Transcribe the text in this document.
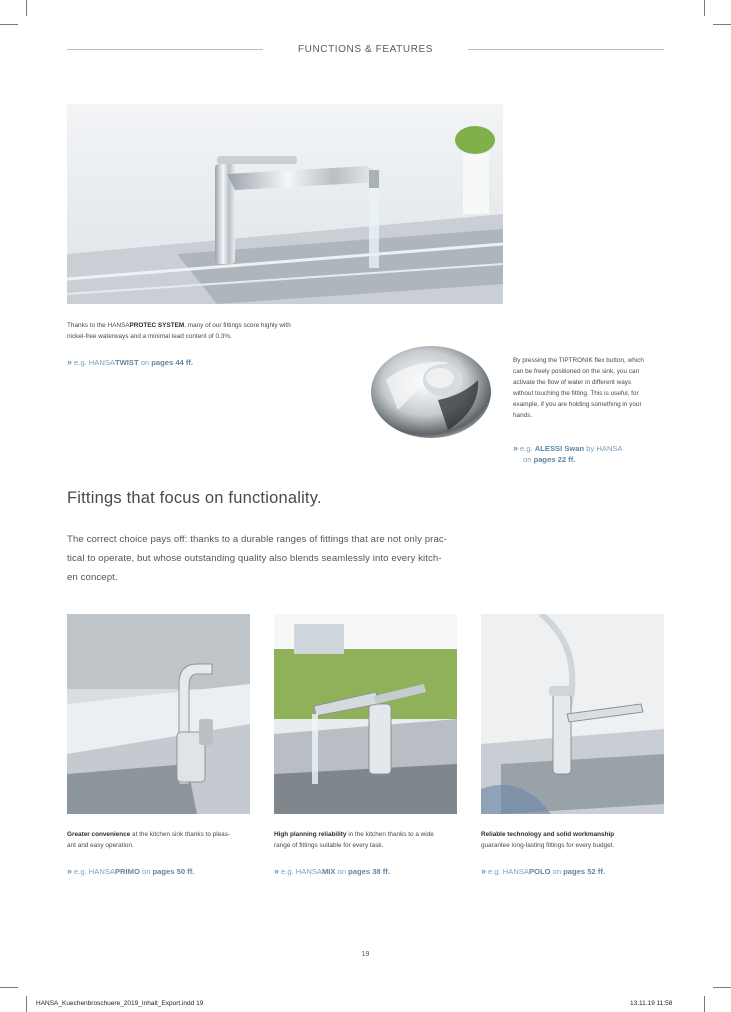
FUNCTIONS & FEATURES
Thanks to the HANSAPROTEC SYSTEM, many of our fittings score highly with
nickel-free waterways and a minimal lead content of 0.3%.
» e.g. HANSATWIST on pages 44 ff.	By pressing the TIPTRONIK flex button, which
can be freely positioned on the sink, you can
activate the flow of water in different ways
without touching the fitting. This is useful, for
example, if you are holding something in your
hands.
» e.g. ALESSI Swan by HANSA
on pages 22 ff.
Fittings that focus on functionality.
The correct choice pays off: thanks to a durable ranges of fittings that are not only prac-
tical to operate, but whose outstanding quality also blends seamlessly into every kitch-
en concept.
Greater convenience at the kitchen sink thanks to pleas-
ant and easy operation.
» e.g. HANSAPRIMO on pages 50 ff.
High planning reliability in the kitchen thanks to a wide
range of fittings suitable for every task.
» e.g. HANSAMIX on pages 38 ff.
Reliable technology and solid workmanship
guarantee long-lasting fittings for every budget.
» e.g. HANSAPOLO on pages 52 ff.
19
HANSA_Kuechenbroschuere_2019_Inhalt_Export.indd 19	13.11.19 11:58
